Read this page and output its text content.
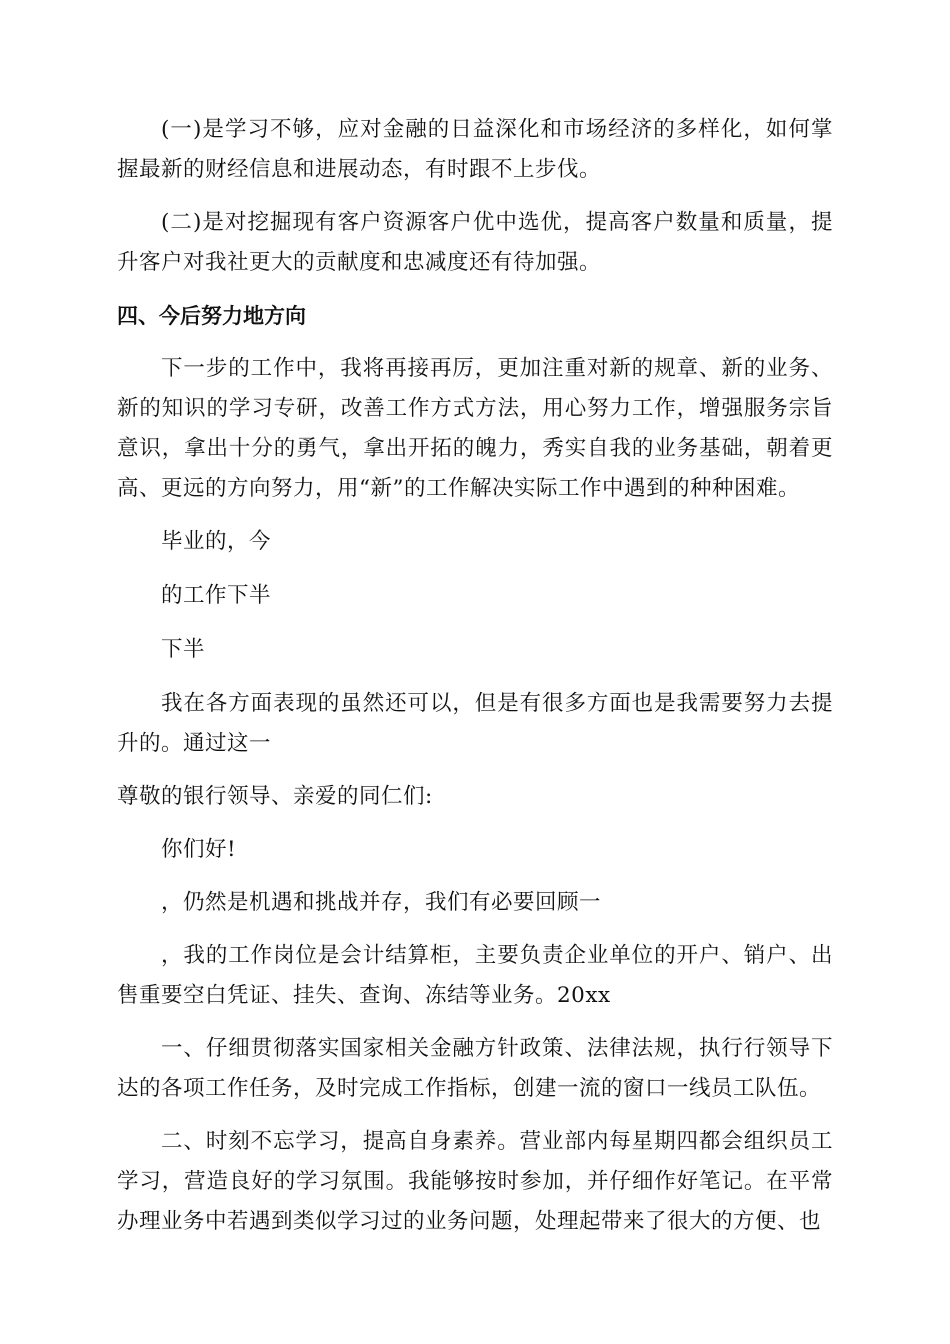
(一)是学习不够，应对金融的日益深化和市场经济的多样化，如何掌握最新的财经信息和进展动态，有时跟不上步伐。

(二)是对挖掘现有客户资源客户优中选优，提高客户数量和质量，提升客户对我社更大的贡献度和忠减度还有待加强。

四、今后努力地方向

下一步的工作中，我将再接再厉，更加注重对新的规章、新的业务、新的知识的学习专研，改善工作方式方法，用心努力工作，增强服务宗旨意识，拿出十分的勇气，拿出开拓的魄力，秀实自我的业务基础，朝着更高、更远的方向努力，用“新”的工作解决实际工作中遇到的种种困难。

毕业的，今

的工作下半

下半

我在各方面表现的虽然还可以，但是有很多方面也是我需要努力去提升的。通过这一

尊敬的银行领导、亲爱的同仁们:

你们好!

，仍然是机遇和挑战并存，我们有必要回顾一

，我的工作岗位是会计结算柜，主要负责企业单位的开户、销户、出售重要空白凭证、挂失、查询、冻结等业务。20xx

一、仔细贯彻落实国家相关金融方针政策、法律法规，执行行领导下达的各项工作任务，及时完成工作指标，创建一流的窗口一线员工队伍。

二、时刻不忘学习，提高自身素养。营业部内每星期四都会组织员工学习，营造良好的学习氛围。我能够按时参加，并仔细作好笔记。在平常办理业务中若遇到类似学习过的业务问题，处理起带来了很大的方便、也
